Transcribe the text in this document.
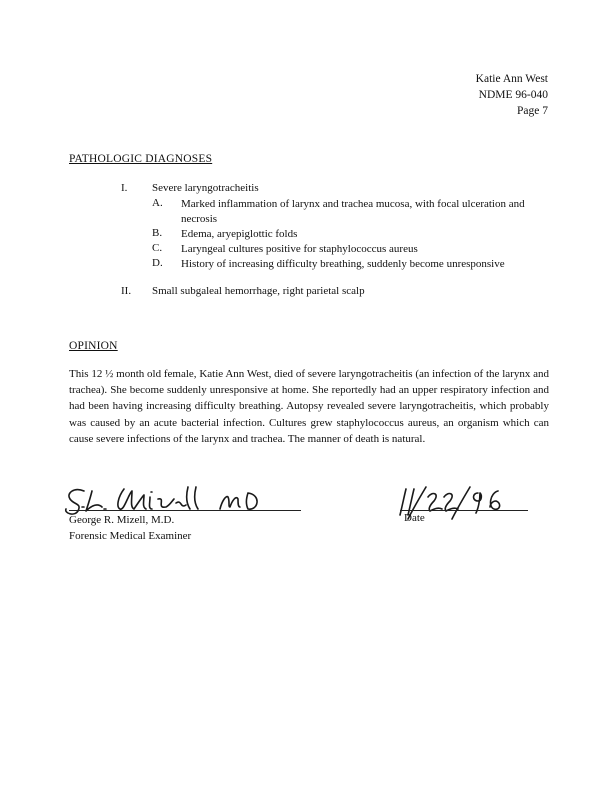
Katie Ann West
NDME 96-040
Page 7
PATHOLOGIC DIAGNOSES
I. Severe laryngotracheitis
A. Marked inflammation of larynx and trachea mucosa, with focal ulceration and necrosis
B. Edema, aryepiglottic folds
C. Laryngeal cultures positive for staphylococcus aureus
D. History of increasing difficulty breathing, suddenly become unresponsive
II. Small subgaleal hemorrhage, right parietal scalp
OPINION
This 12 ½ month old female, Katie Ann West, died of severe laryngotracheitis (an infection of the larynx and trachea). She become suddenly unresponsive at home. She reportedly had an upper respiratory infection and had been having increasing difficulty breathing. Autopsy revealed severe laryngotracheitis, which probably was caused by an acute bacterial infection. Cultures grew staphylococcus aureus, an organism which can cause severe infections of the larynx and trachea. The manner of death is natural.
George R. Mizell, M.D.
Forensic Medical Examiner
Date
